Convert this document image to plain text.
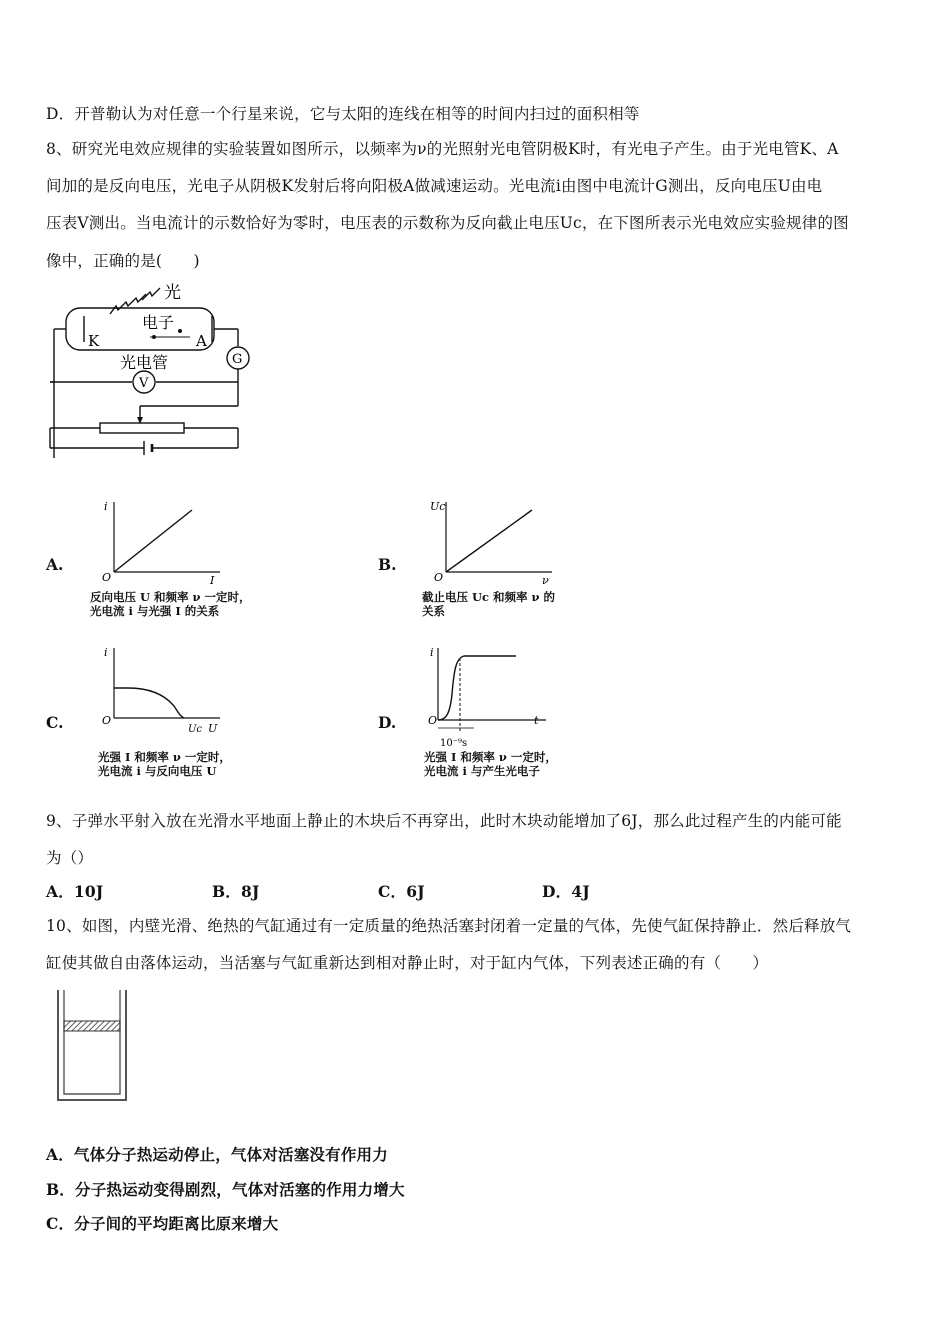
D．开普勒认为对任意一个行星来说，它与太阳的连线在相等的时间内扫过的面积相等
8、研究光电效应规律的实验装置如图所示，以频率为ν的光照射光电管阴极K时，有光电子产生。由于光电管K、A
间加的是反向电压，光电子从阴极K发射后将向阳极A做减速运动。光电流i由图中电流计G测出，反向电压U由电
压表V测出。当电流计的示数恰好为零时，电压表的示数称为反向截止电压Uc，在下图所表示光电效应实验规律的图
像中，正确的是(　　)
光
电子
K	A
光电管	G
V
A.
i
O	I
反向电压 U 和频率 ν 一定时，
光电流 i 与光强 I 的关系
B.
Uc
O	ν
截止电压 Uc 和频率 ν 的
关系
C.
i
O
Uc U
光强 I 和频率 ν 一定时，
光电流 i 与反向电压 U
D.
i
O
10⁻⁹s
t
光强 I 和频率 ν 一定时，
光电流 i 与产生光电子
9、子弹水平射入放在光滑水平地面上静止的木块后不再穿出，此时木块动能增加了6J，那么此过程产生的内能可能
为（）
A．10J	B．8J	C．6J	D．4J
10、如图，内壁光滑、绝热的气缸通过有一定质量的绝热活塞封闭着一定量的气体，先使气缸保持静止．然后释放气
缸使其做自由落体运动，当活塞与气缸重新达到相对静止时，对于缸内气体，下列表述正确的有（　　）
A．气体分子热运动停止，气体对活塞没有作用力
B．分子热运动变得剧烈，气体对活塞的作用力增大
C．分子间的平均距离比原来增大
